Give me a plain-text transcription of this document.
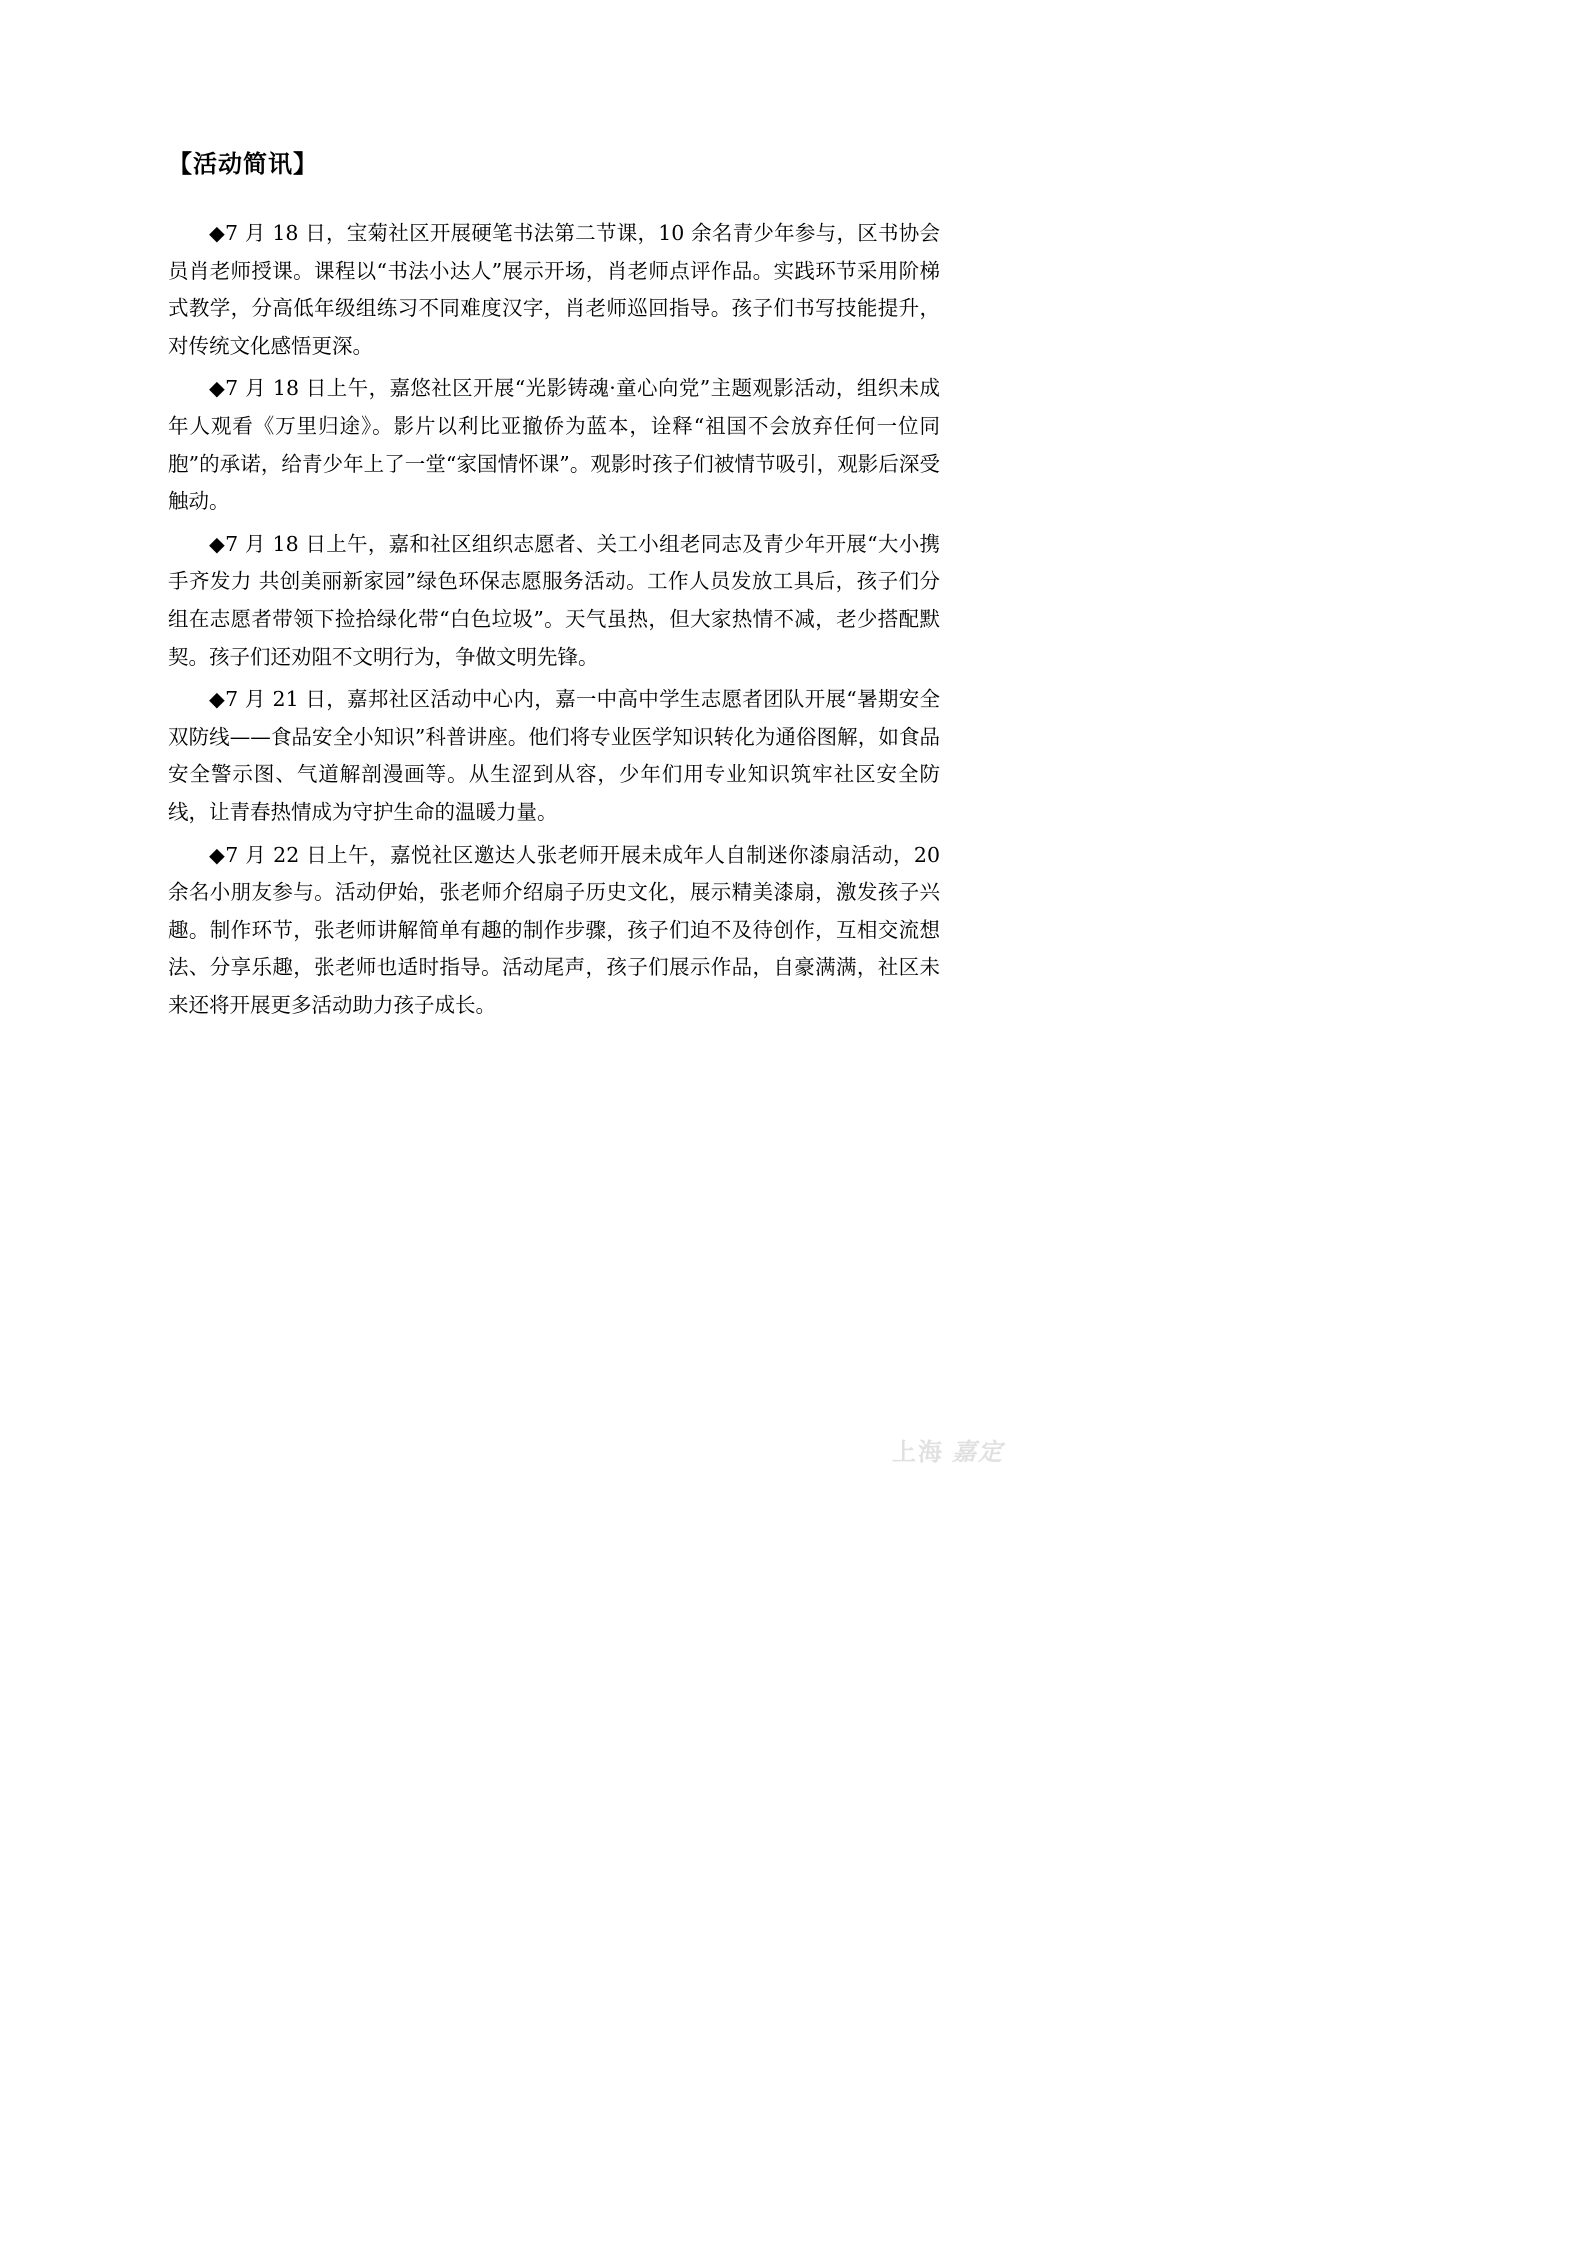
【活动简讯】

◆7 月 18 日，宝菊社区开展硬笔书法第二节课，10 余名青少年参与，区书协会员肖老师授课。课程以“书法小达人”展示开场，肖老师点评作品。实践环节采用阶梯式教学，分高低年级组练习不同难度汉字，肖老师巡回指导。孩子们书写技能提升，对传统文化感悟更深。

◆7 月 18 日上午，嘉悠社区开展“光影铸魂·童心向党”主题观影活动，组织未成年人观看《万里归途》。影片以利比亚撤侨为蓝本，诠释“祖国不会放弃任何一位同胞”的承诺，给青少年上了一堂“家国情怀课”。观影时孩子们被情节吸引，观影后深受触动。

◆7 月 18 日上午，嘉和社区组织志愿者、关工小组老同志及青少年开展“大小携手齐发力 共创美丽新家园”绿色环保志愿服务活动。工作人员发放工具后，孩子们分组在志愿者带领下捡拾绿化带“白色垃圾”。天气虽热，但大家热情不减，老少搭配默契。孩子们还劝阻不文明行为，争做文明先锋。

◆7 月 21 日，嘉邦社区活动中心内，嘉一中高中学生志愿者团队开展“暑期安全双防线——食品安全小知识”科普讲座。他们将专业医学知识转化为通俗图解，如食品安全警示图、气道解剖漫画等。从生涩到从容，少年们用专业知识筑牢社区安全防线，让青春热情成为守护生命的温暖力量。

◆7 月 22 日上午，嘉悦社区邀达人张老师开展未成年人自制迷你漆扇活动，20 余名小朋友参与。活动伊始，张老师介绍扇子历史文化，展示精美漆扇，激发孩子兴趣。制作环节，张老师讲解简单有趣的制作步骤，孩子们迫不及待创作，互相交流想法、分享乐趣，张老师也适时指导。活动尾声，孩子们展示作品，自豪满满，社区未来还将开展更多活动助力孩子成长。

上海 嘉定
